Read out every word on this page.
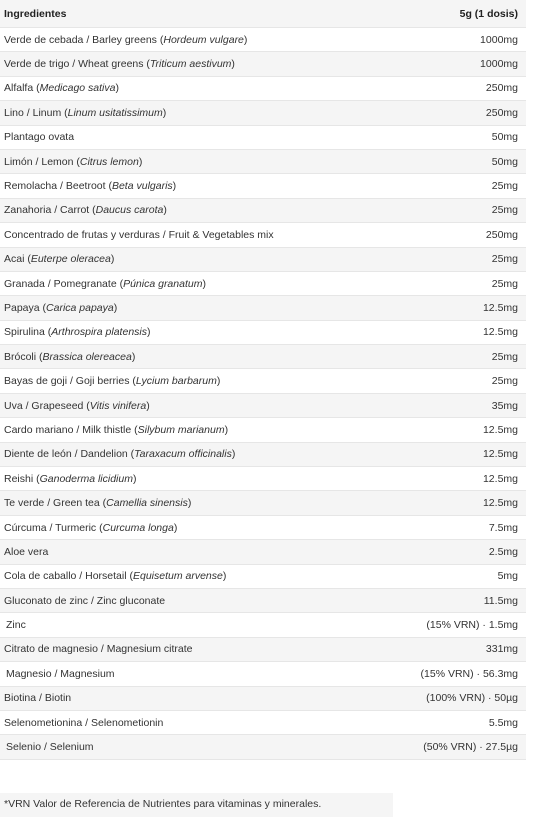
Ingredientes	5g (1 dosis)
Verde de cebada / Barley greens (Hordeum vulgare)	1000mg
Verde de trigo / Wheat greens (Triticum aestivum)	1000mg
Alfalfa (Medicago sativa)	250mg
Lino / Linum (Linum usitatissimum)	250mg
Plantago ovata	50mg
Limón / Lemon (Citrus lemon)	50mg
Remolacha / Beetroot (Beta vulgaris)	25mg
Zanahoria / Carrot (Daucus carota)	25mg
Concentrado de frutas y verduras / Fruit & Vegetables mix	250mg
Acai (Euterpe oleracea)	25mg
Granada / Pomegranate (Púnica granatum)	25mg
Papaya (Carica papaya)	12.5mg
Spirulina (Arthrospira platensis)	12.5mg
Brócoli (Brassica olereacea)	25mg
Bayas de goji / Goji berries (Lycium barbarum)	25mg
Uva / Grapeseed (Vitis vinifera)	35mg
Cardo mariano / Milk thistle (Silybum marianum)	12.5mg
Diente de león / Dandelion (Taraxacum officinalis)	12.5mg
Reishi (Ganoderma licidium)	12.5mg
Te verde / Green tea (Camellia sinensis)	12.5mg
Cúrcuma / Turmeric (Curcuma longa)	7.5mg
Aloe vera	2.5mg
Cola de caballo / Horsetail (Equisetum arvense)	5mg
Gluconato de zinc / Zinc gluconate	11.5mg
Zinc	(15% VRN) · 1.5mg
Citrato de magnesio / Magnesium citrate	331mg
Magnesio / Magnesium	(15% VRN) · 56.3mg
Biotina / Biotin	(100% VRN) · 50µg
Selenometionina / Selenometionin	5.5mg
Selenio / Selenium	(50% VRN) · 27.5µg
*VRN Valor de Referencia de Nutrientes para vitaminas y minerales.
